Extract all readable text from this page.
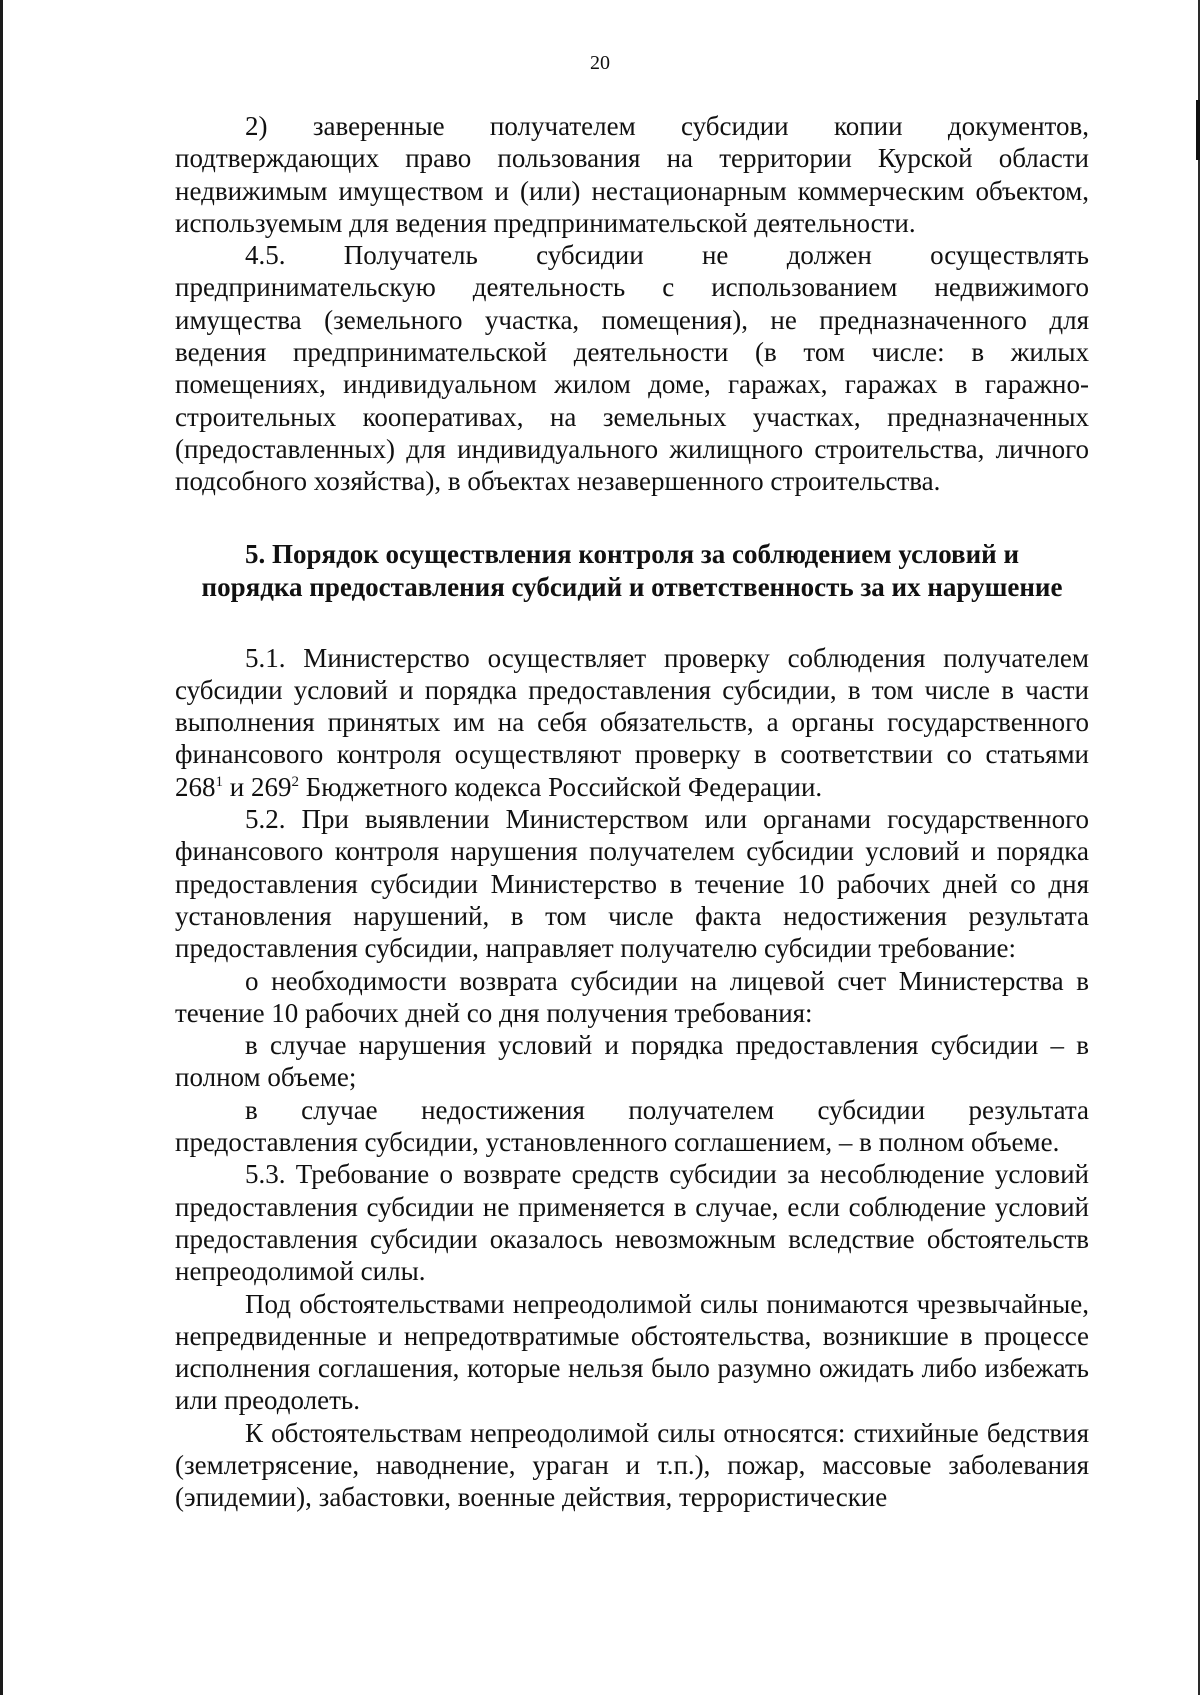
20

2) заверенные получателем субсидии копии документов, подтверждающих право пользования на территории Курской области недвижимым имуществом и (или) нестационарным коммерческим объектом, используемым для ведения предпринимательской деятельности.

4.5. Получатель субсидии не должен осуществлять предпринимательскую деятельность с использованием недвижимого имущества (земельного участка, помещения), не предназначенного для ведения предпринимательской деятельности (в том числе: в жилых помещениях, индивидуальном жилом доме, гаражах, гаражах в гаражно-строительных кооперативах, на земельных участках, предназначенных (предоставленных) для индивидуального жилищного строительства, личного подсобного хозяйства), в объектах незавершенного строительства.

5. Порядок осуществления контроля за соблюдением условий и
порядка предоставления субсидий и ответственность за их нарушение

5.1. Министерство осуществляет проверку соблюдения получателем субсидии условий и порядка предоставления субсидии, в том числе в части выполнения принятых им на себя обязательств, а органы государственного финансового контроля осуществляют проверку в соответствии со статьями $268^1$ и $269^2$ Бюджетного кодекса Российской Федерации.

5.2. При выявлении Министерством или органами государственного финансового контроля нарушения получателем субсидии условий и порядка предоставления субсидии Министерство в течение 10 рабочих дней со дня установления нарушений, в том числе факта недостижения результата предоставления субсидии, направляет получателю субсидии требование:

о необходимости возврата субсидии на лицевой счет Министерства в течение 10 рабочих дней со дня получения требования:

в случае нарушения условий и порядка предоставления субсидии – в полном объеме;

в случае недостижения получателем субсидии результата предоставления субсидии, установленного соглашением, – в полном объеме.

5.3. Требование о возврате средств субсидии за несоблюдение условий предоставления субсидии не применяется в случае, если соблюдение условий предоставления субсидии оказалось невозможным вследствие обстоятельств непреодолимой силы.

Под обстоятельствами непреодолимой силы понимаются чрезвычайные, непредвиденные и непредотвратимые обстоятельства, возникшие в процессе исполнения соглашения, которые нельзя было разумно ожидать либо избежать или преодолеть.

К обстоятельствам непреодолимой силы относятся: стихийные бедствия (землетрясение, наводнение, ураган и т.п.), пожар, массовые заболевания (эпидемии), забастовки, военные действия, террористические
